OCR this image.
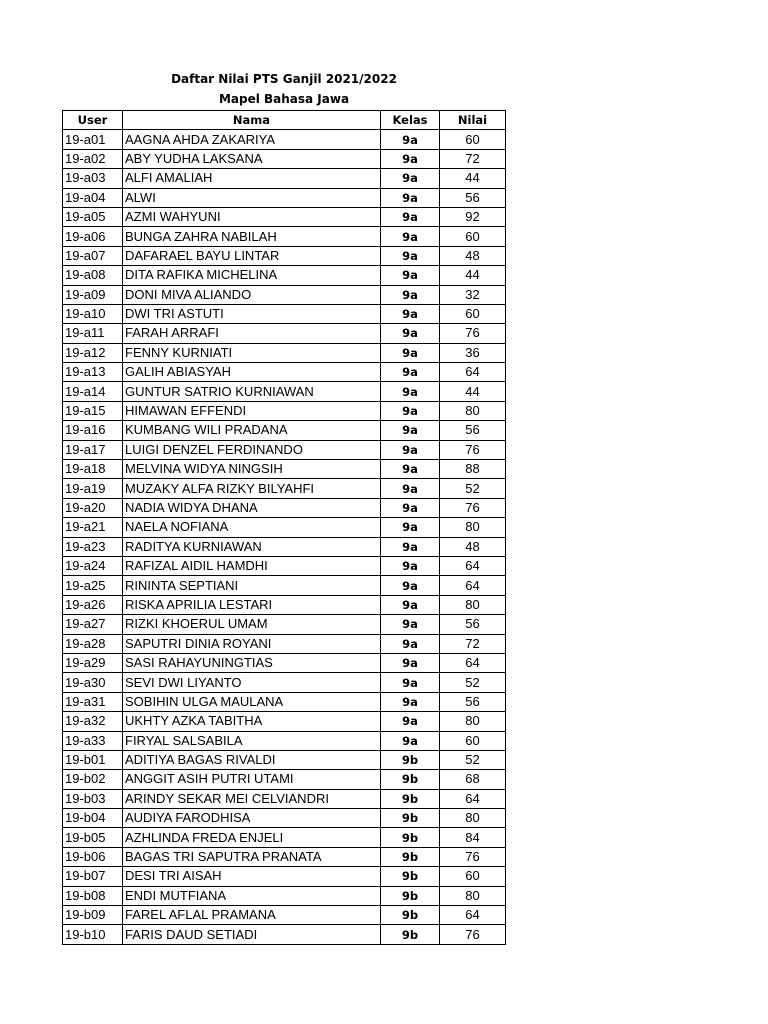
Daftar Nilai PTS Ganjil 2021/2022
Mapel Bahasa Jawa
User	Nama	Kelas	Nilai
19-a01	AAGNA AHDA ZAKARIYA	9a	60
19-a02	ABY YUDHA LAKSANA	9a	72
19-a03	ALFI AMALIAH	9a	44
19-a04	ALWI	9a	56
19-a05	AZMI WAHYUNI	9a	92
19-a06	BUNGA ZAHRA NABILAH	9a	60
19-a07	DAFARAEL BAYU LINTAR	9a	48
19-a08	DITA RAFIKA MICHELINA	9a	44
19-a09	DONI MIVA ALIANDO	9a	32
19-a10	DWI TRI ASTUTI	9a	60
19-a11	FARAH ARRAFI	9a	76
19-a12	FENNY KURNIATI	9a	36
19-a13	GALIH ABIASYAH	9a	64
19-a14	GUNTUR SATRIO KURNIAWAN	9a	44
19-a15	HIMAWAN EFFENDI	9a	80
19-a16	KUMBANG WILI PRADANA	9a	56
19-a17	LUIGI DENZEL FERDINANDO	9a	76
19-a18	MELVINA WIDYA NINGSIH	9a	88
19-a19	MUZAKY ALFA RIZKY BILYAHFI	9a	52
19-a20	NADIA WIDYA DHANA	9a	76
19-a21	NAELA NOFIANA	9a	80
19-a23	RADITYA KURNIAWAN	9a	48
19-a24	RAFIZAL AIDIL HAMDHI	9a	64
19-a25	RININTA SEPTIANI	9a	64
19-a26	RISKA APRILIA LESTARI	9a	80
19-a27	RIZKI KHOERUL UMAM	9a	56
19-a28	SAPUTRI DINIA ROYANI	9a	72
19-a29	SASI RAHAYUNINGTIAS	9a	64
19-a30	SEVI DWI LIYANTO	9a	52
19-a31	SOBIHIN ULGA MAULANA	9a	56
19-a32	UKHTY AZKA TABITHA	9a	80
19-a33	FIRYAL SALSABILA	9a	60
19-b01	ADITIYA BAGAS RIVALDI	9b	52
19-b02	ANGGIT ASIH PUTRI UTAMI	9b	68
19-b03	ARINDY SEKAR MEI CELVIANDRI	9b	64
19-b04	AUDIYA FARODHISA	9b	80
19-b05	AZHLINDA FREDA ENJELI	9b	84
19-b06	BAGAS TRI SAPUTRA PRANATA	9b	76
19-b07	DESI TRI AISAH	9b	60
19-b08	ENDI MUTFIANA	9b	80
19-b09	FAREL AFLAL PRAMANA	9b	64
19-b10	FARIS DAUD SETIADI	9b	76
